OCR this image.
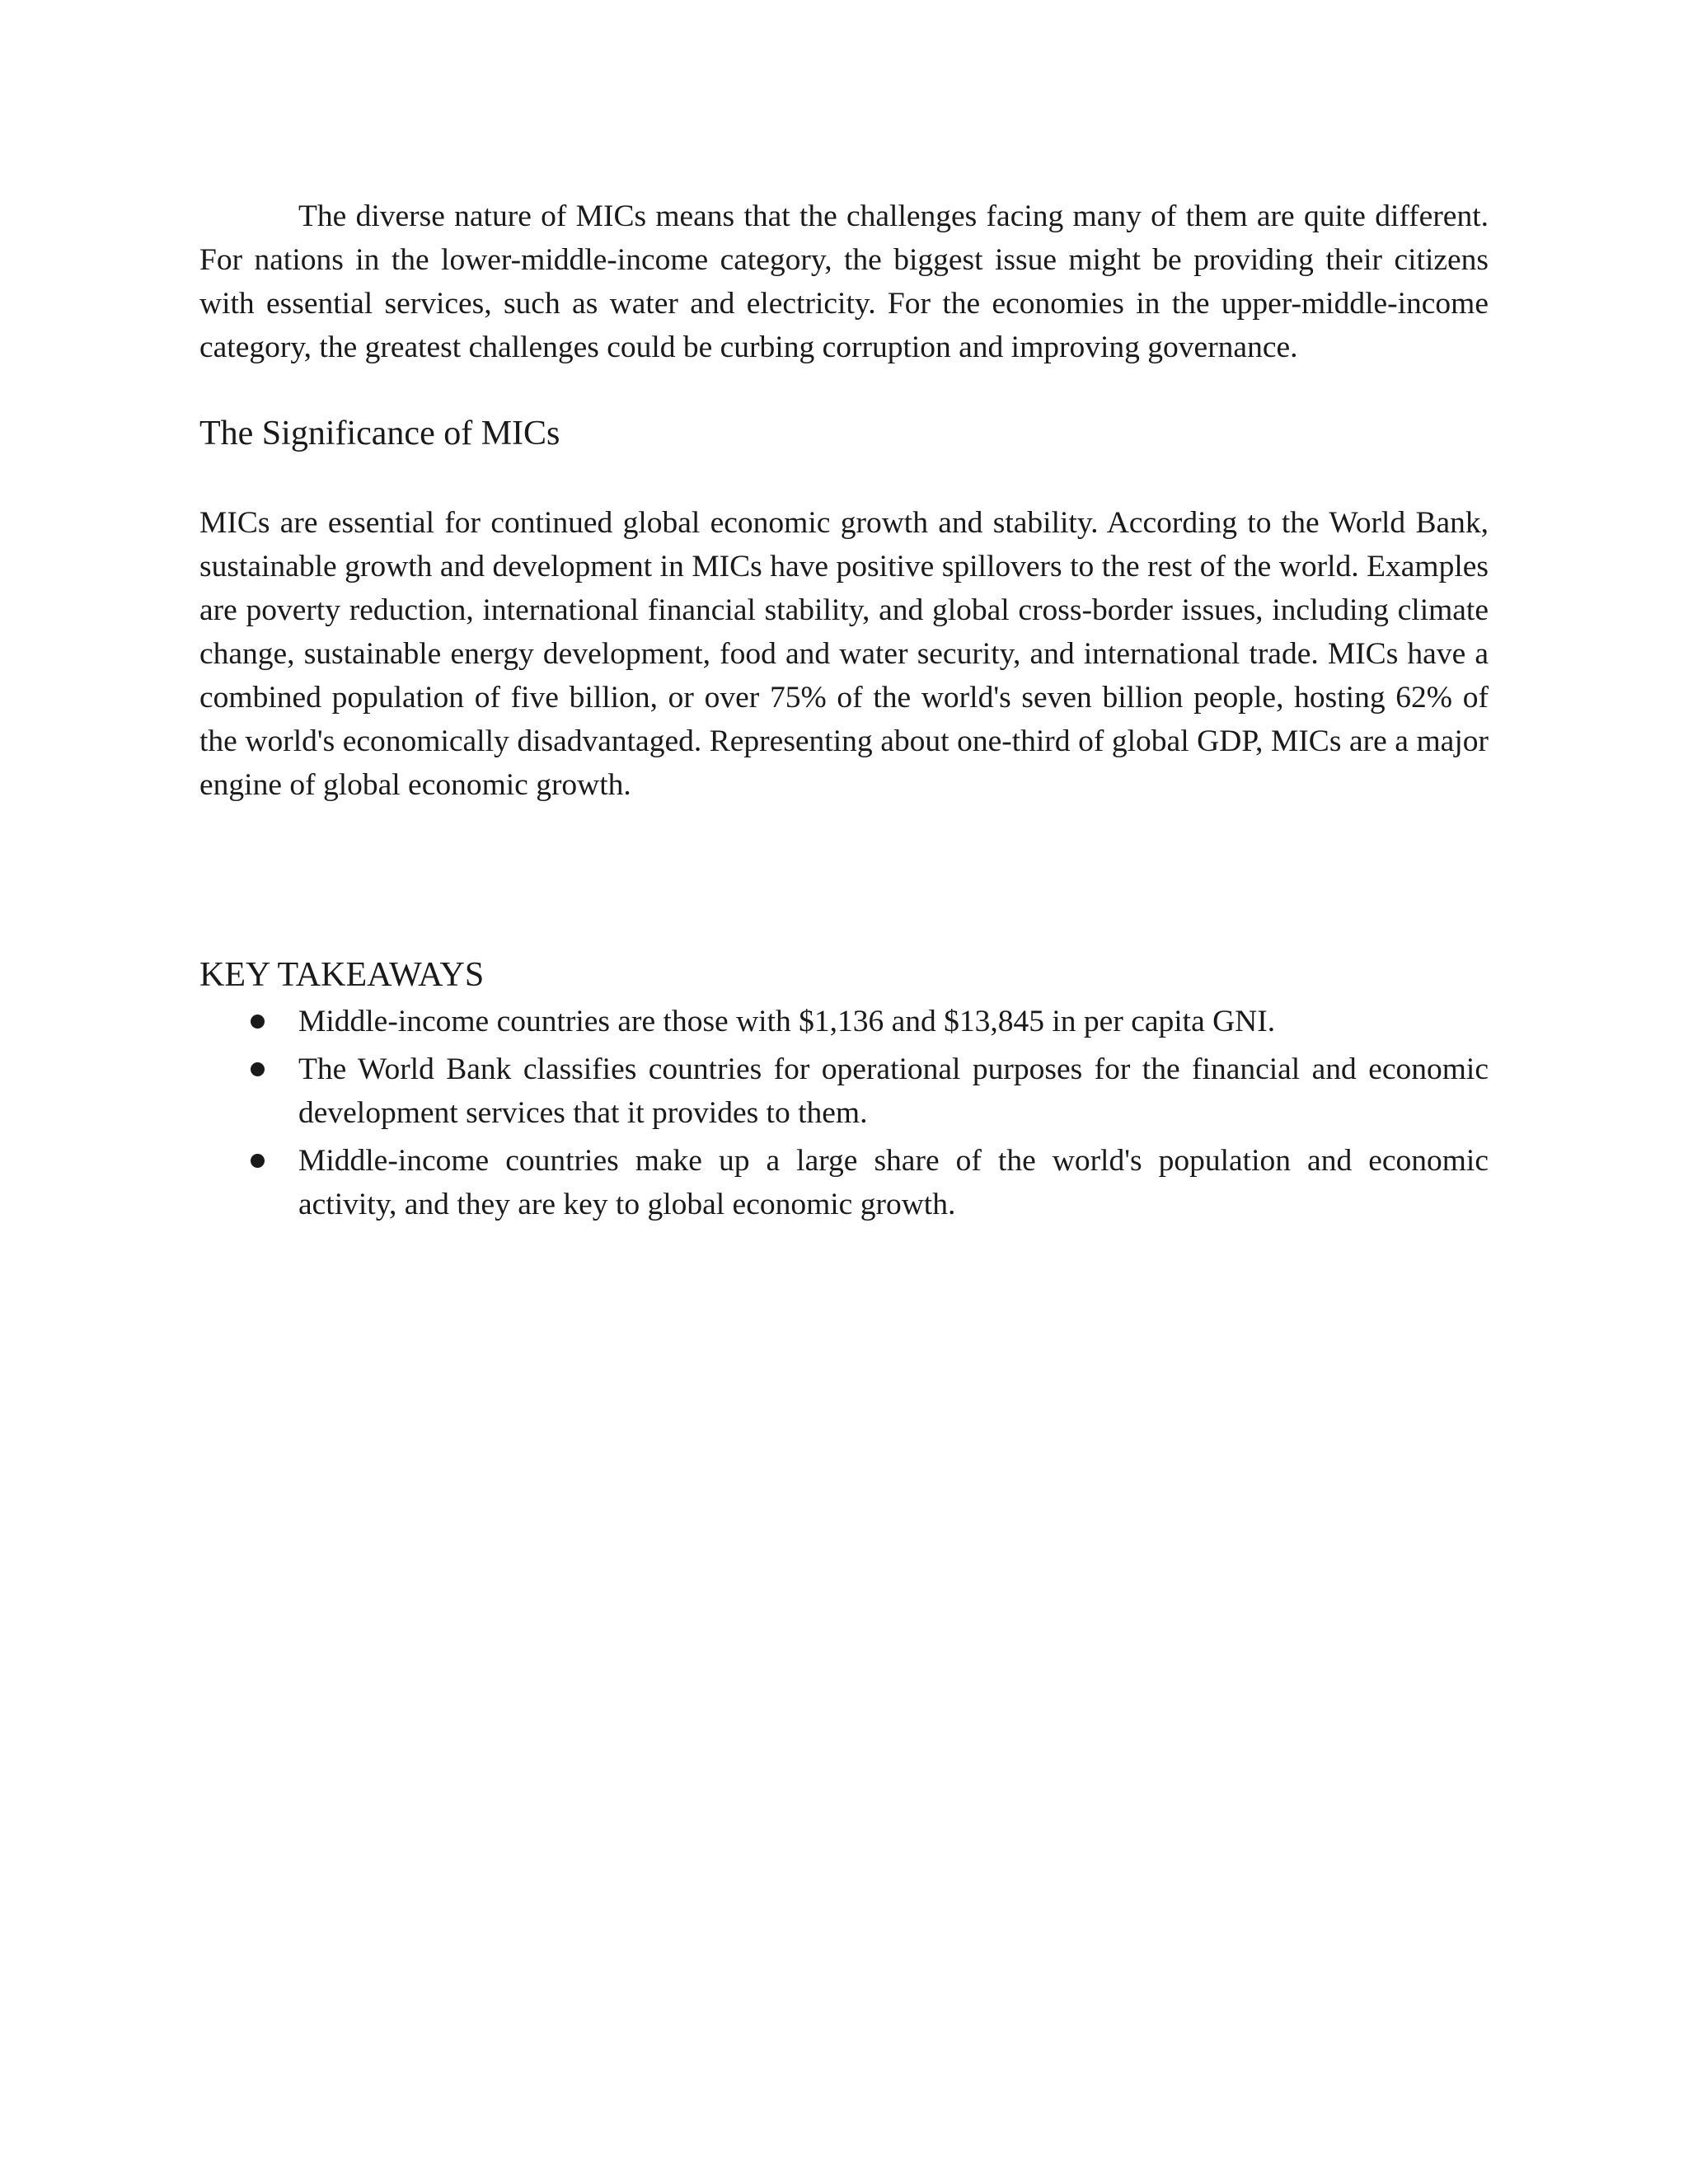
The diverse nature of MICs means that the challenges facing many of them are quite different. For nations in the lower-middle-income category, the biggest issue might be providing their citizens with essential services, such as water and electricity. For the economies in the upper-middle-income category, the greatest challenges could be curbing corruption and improving governance.

The Significance of MICs

MICs are essential for continued global economic growth and stability. According to the World Bank, sustainable growth and development in MICs have positive spillovers to the rest of the world. Examples are poverty reduction, international financial stability, and global cross-border issues, including climate change, sustainable energy development, food and water security, and international trade. MICs have a combined population of five billion, or over 75% of the world's seven billion people, hosting 62% of the world's economically disadvantaged. Representing about one-third of global GDP, MICs are a major engine of global economic growth.

KEY TAKEAWAYS
Middle-income countries are those with $1,136 and $13,845 in per capita GNI.
The World Bank classifies countries for operational purposes for the financial and economic development services that it provides to them.
Middle-income countries make up a large share of the world's population and economic activity, and they are key to global economic growth.
